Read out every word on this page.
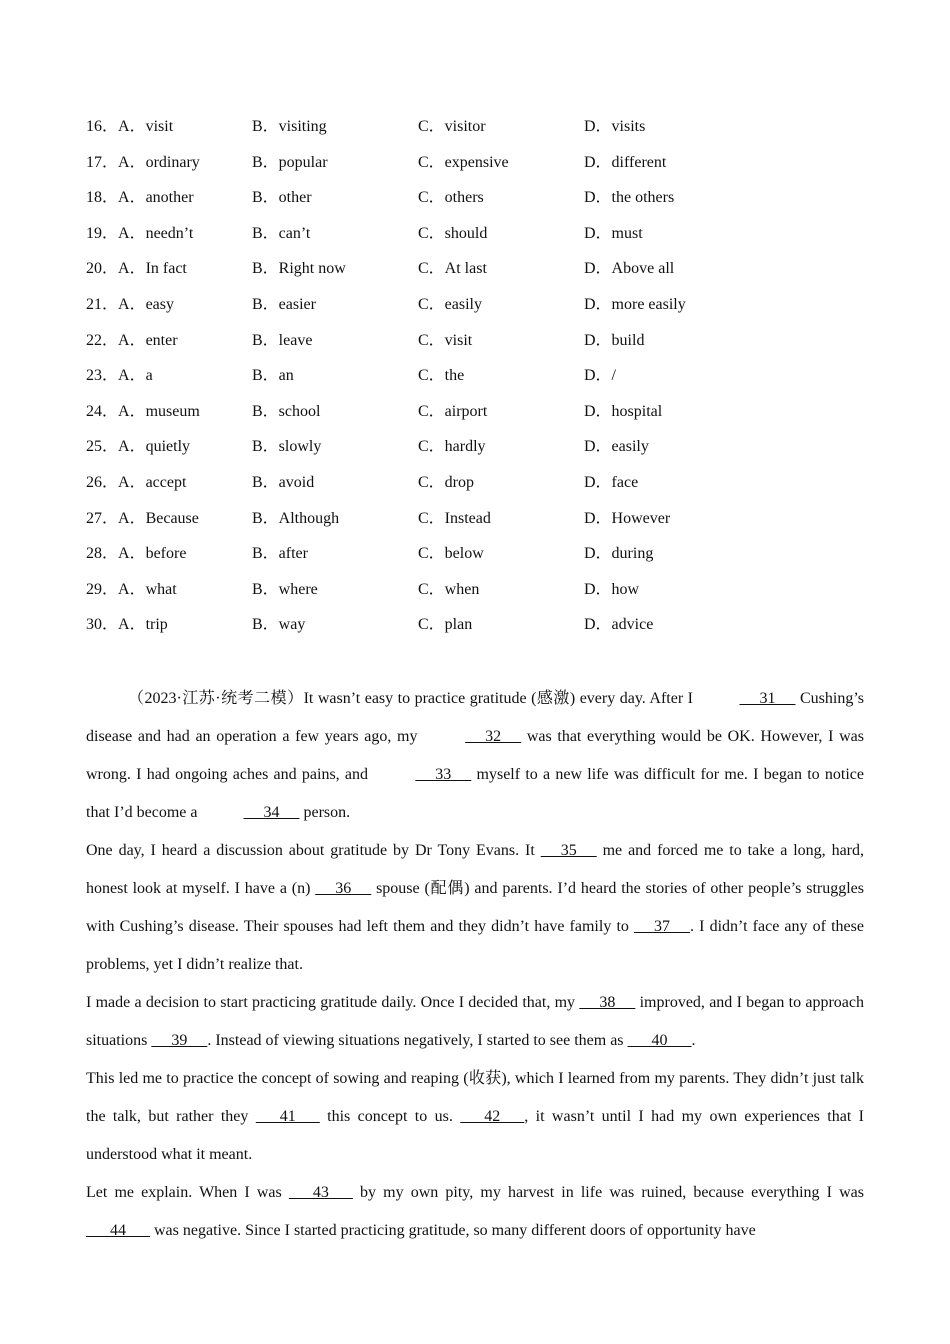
16．A．visit	B．visiting	C．visitor	D．visits
17．A．ordinary	B．popular	C．expensive	D．different
18．A．another	B．other	C．others	D．the others
19．A．needn’t	B．can’t	C．should	D．must
20．A．In fact	B．Right now	C．At last	D．Above all
21．A．easy	B．easier	C．easily	D．more easily
22．A．enter	B．leave	C．visit	D．build
23．A．a	B．an	C．the	D．/
24．A．museum	B．school	C．airport	D．hospital
25．A．quietly	B．slowly	C．hardly	D．easily
26．A．accept	B．avoid	C．drop	D．face
27．A．Because	B．Although	C．Instead	D．However
28．A．before	B．after	C．below	D．during
29．A．what	B．where	C．when	D．how
30．A．trip	B．way	C．plan	D．advice

（2023·江苏·统考二模）It wasn’t easy to practice gratitude (感激) every day. After I	31      Cushing’s disease and had an operation a few years ago, my	32      was that everything would be OK. However, I was wrong. I had ongoing aches and pains, and	33      myself to a new life was difficult for me. I began to notice that I’d become a	34      person.

One day, I heard a discussion about gratitude by Dr Tony Evans. It      35      me and forced me to take a long, hard, honest look at myself. I have a (n)      36      spouse (配偶) and parents. I’d heard the stories of other people’s struggles with Cushing’s disease. Their spouses had left them and they didn’t have family to      37     . I didn’t face any of these problems, yet I didn’t realize that.

I made a decision to start practicing gratitude daily. Once I decided that, my      38      improved, and I began to approach situations      39     . Instead of viewing situations negatively, I started to see them as       40      .

This led me to practice the concept of sowing and reaping (收获), which I learned from my parents. They didn’t just talk the talk, but rather they       41       this concept to us.       42      , it wasn’t until I had my own experiences that I understood what it meant.

Let me explain. When I was       43       by my own pity, my harvest in life was ruined, because everything I was       44       was negative. Since I started practicing gratitude, so many different doors of opportunity have
